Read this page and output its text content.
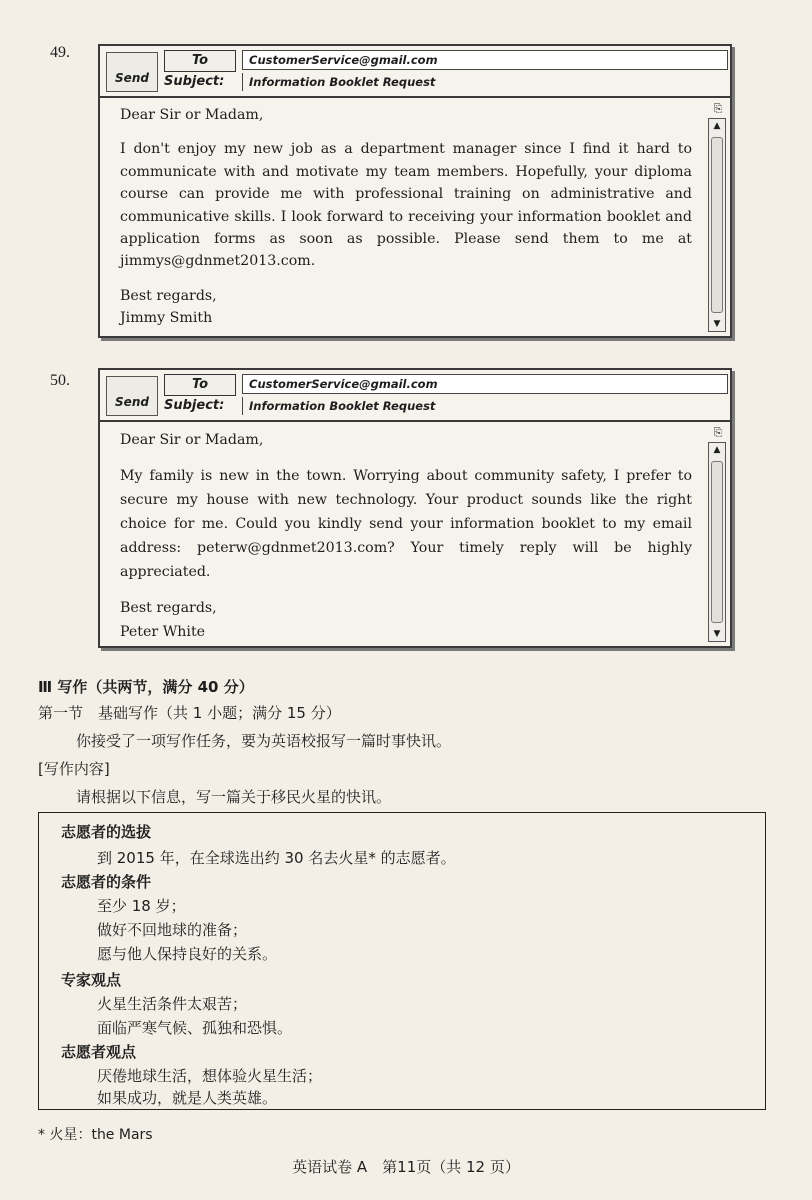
49.
Send
To	CustomerService@gmail.com
Subject:	Information Booklet Request

Dear Sir or Madam,

I don't enjoy my new job as a department manager since I find it hard to communicate with and motivate my team members. Hopefully, your diploma course can provide me with professional training on administrative and communicative skills. I look forward to receiving your information booklet and application forms as soon as possible. Please send them to me at jimmys@gdnmet2013.com.

Best regards,

Jimmy Smith

⎘
▲
▼
50.
Send
To	CustomerService@gmail.com
Subject:	Information Booklet Request

Dear Sir or Madam,

My family is new in the town. Worrying about community safety, I prefer to secure my house with new technology. Your product sounds like the right choice for me. Could you kindly send your information booklet to my email address: peterw@gdnmet2013.com? Your timely reply will be highly appreciated.

Best regards,

Peter White

⎘
▲
▼
Ⅲ 写作（共两节，满分 40 分）
第一节　基础写作（共 1 小题；满分 15 分）
你接受了一项写作任务，要为英语校报写一篇时事快讯。
[写作内容]
请根据以下信息，写一篇关于移民火星的快讯。
志愿者的选拔
到 2015 年，在全球选出约 30 名去火星* 的志愿者。
志愿者的条件
至少 18 岁；
做好不回地球的准备；
愿与他人保持良好的关系。
专家观点
火星生活条件太艰苦；
面临严寒气候、孤独和恐惧。
志愿者观点
厌倦地球生活，想体验火星生活；
如果成功，就是人类英雄。
* 火星：the Mars
英语试卷 A　第11页（共 12 页）
